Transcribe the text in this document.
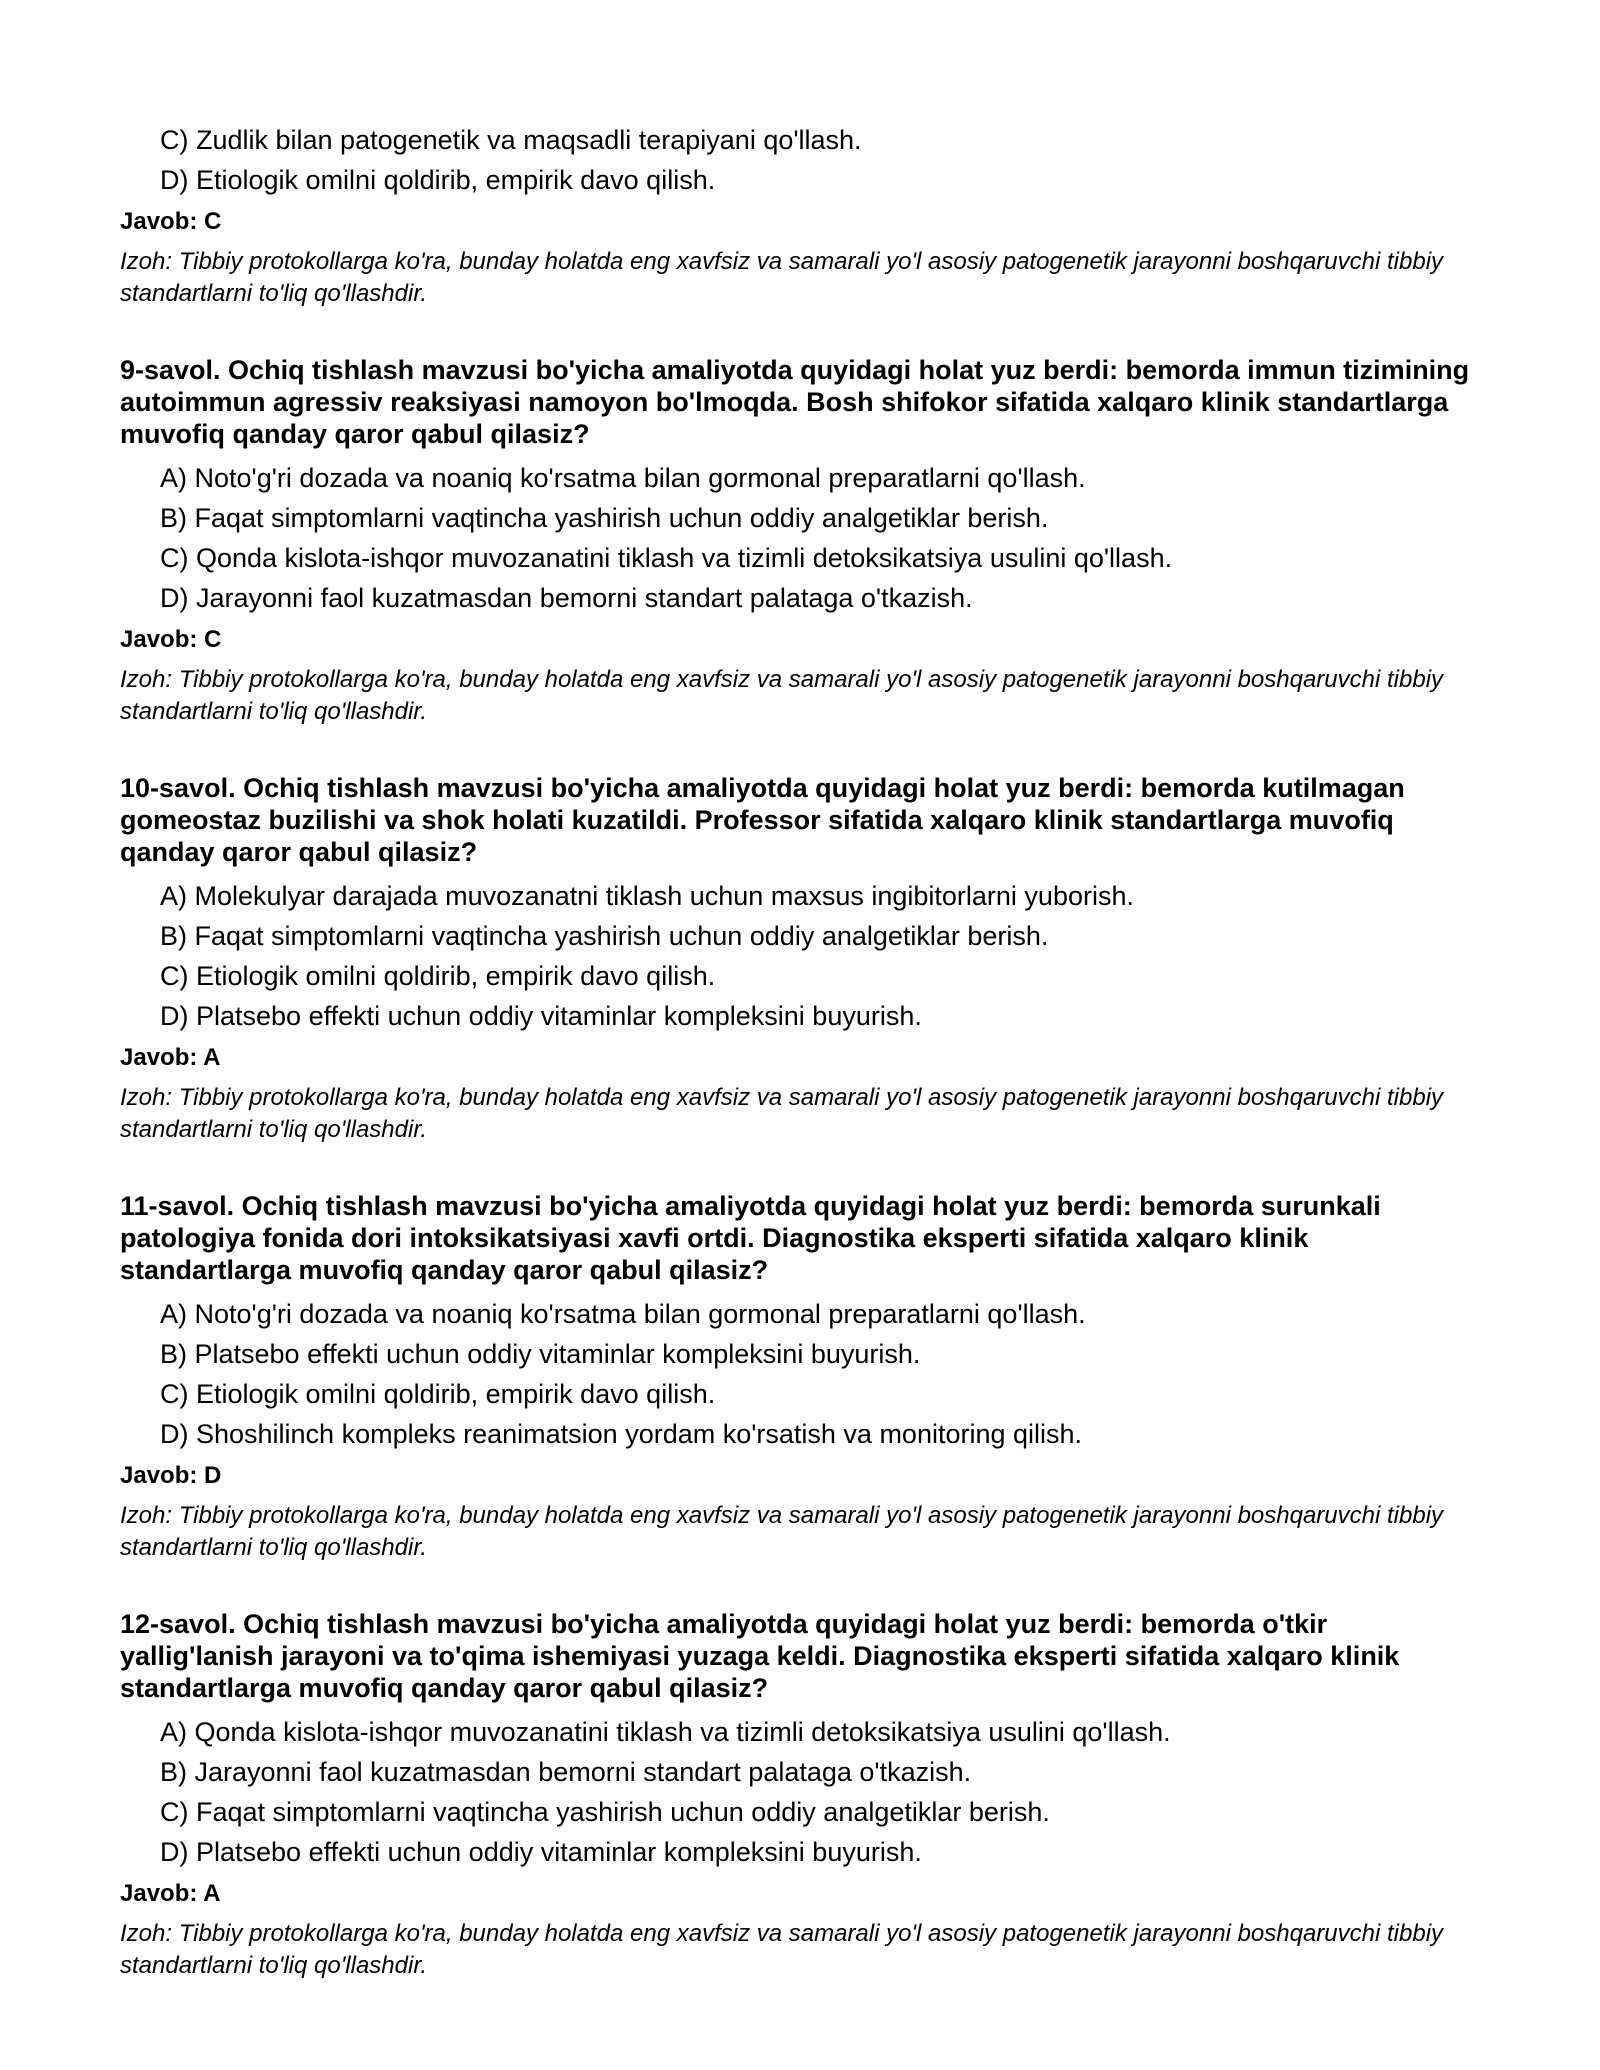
C) Zudlik bilan patogenetik va maqsadli terapiyani qo'llash.
D) Etiologik omilni qoldirib, empirik davo qilish.
Javob: C
Izoh: Tibbiy protokollarga ko'ra, bunday holatda eng xavfsiz va samarali yo'l asosiy patogenetik jarayonni boshqaruvchi tibbiy standartlarni to'liq qo'llashdir.
9-savol. Ochiq tishlash mavzusi bo'yicha amaliyotda quyidagi holat yuz berdi: bemorda immun tizimining autoimmun agressiv reaksiyasi namoyon bo'lmoqda. Bosh shifokor sifatida xalqaro klinik standartlarga muvofiq qanday qaror qabul qilasiz?
A) Noto'g'ri dozada va noaniq ko'rsatma bilan gormonal preparatlarni qo'llash.
B) Faqat simptomlarni vaqtincha yashirish uchun oddiy analgetiklar berish.
C) Qonda kislota-ishqor muvozanatini tiklash va tizimli detoksikatsiya usulini qo'llash.
D) Jarayonni faol kuzatmasdan bemorni standart palataga o'tkazish.
Javob: C
Izoh: Tibbiy protokollarga ko'ra, bunday holatda eng xavfsiz va samarali yo'l asosiy patogenetik jarayonni boshqaruvchi tibbiy standartlarni to'liq qo'llashdir.
10-savol. Ochiq tishlash mavzusi bo'yicha amaliyotda quyidagi holat yuz berdi: bemorda kutilmagan gomeostaz buzilishi va shok holati kuzatildi. Professor sifatida xalqaro klinik standartlarga muvofiq qanday qaror qabul qilasiz?
A) Molekulyar darajada muvozanatni tiklash uchun maxsus ingibitorlarni yuborish.
B) Faqat simptomlarni vaqtincha yashirish uchun oddiy analgetiklar berish.
C) Etiologik omilni qoldirib, empirik davo qilish.
D) Platsebo effekti uchun oddiy vitaminlar kompleksini buyurish.
Javob: A
Izoh: Tibbiy protokollarga ko'ra, bunday holatda eng xavfsiz va samarali yo'l asosiy patogenetik jarayonni boshqaruvchi tibbiy standartlarni to'liq qo'llashdir.
11-savol. Ochiq tishlash mavzusi bo'yicha amaliyotda quyidagi holat yuz berdi: bemorda surunkali patologiya fonida dori intoksikatsiyasi xavfi ortdi. Diagnostika eksperti sifatida xalqaro klinik standartlarga muvofiq qanday qaror qabul qilasiz?
A) Noto'g'ri dozada va noaniq ko'rsatma bilan gormonal preparatlarni qo'llash.
B) Platsebo effekti uchun oddiy vitaminlar kompleksini buyurish.
C) Etiologik omilni qoldirib, empirik davo qilish.
D) Shoshilinch kompleks reanimatsion yordam ko'rsatish va monitoring qilish.
Javob: D
Izoh: Tibbiy protokollarga ko'ra, bunday holatda eng xavfsiz va samarali yo'l asosiy patogenetik jarayonni boshqaruvchi tibbiy standartlarni to'liq qo'llashdir.
12-savol. Ochiq tishlash mavzusi bo'yicha amaliyotda quyidagi holat yuz berdi: bemorda o'tkir yallig'lanish jarayoni va to'qima ishemiyasi yuzaga keldi. Diagnostika eksperti sifatida xalqaro klinik standartlarga muvofiq qanday qaror qabul qilasiz?
A) Qonda kislota-ishqor muvozanatini tiklash va tizimli detoksikatsiya usulini qo'llash.
B) Jarayonni faol kuzatmasdan bemorni standart palataga o'tkazish.
C) Faqat simptomlarni vaqtincha yashirish uchun oddiy analgetiklar berish.
D) Platsebo effekti uchun oddiy vitaminlar kompleksini buyurish.
Javob: A
Izoh: Tibbiy protokollarga ko'ra, bunday holatda eng xavfsiz va samarali yo'l asosiy patogenetik jarayonni boshqaruvchi tibbiy standartlarni to'liq qo'llashdir.
